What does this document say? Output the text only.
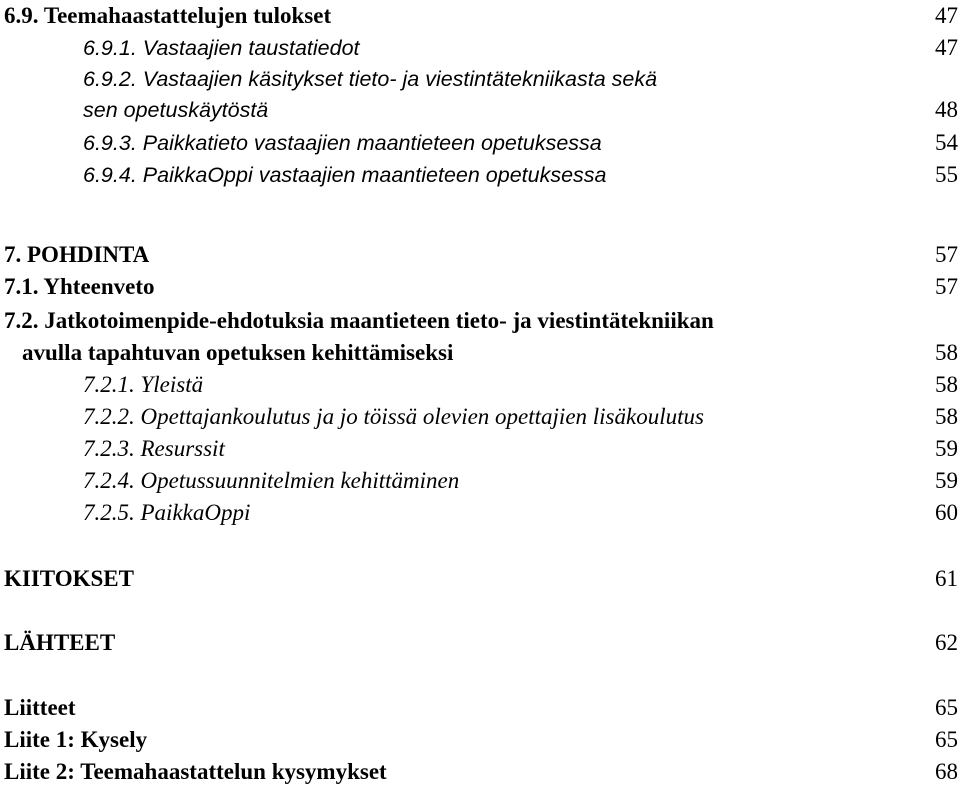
6.9. Teemahaastattelujen tulokset	47
6.9.1. Vastaajien taustatiedot	47
6.9.2. Vastaajien käsitykset tieto- ja viestintätekniikasta sekä
sen opetuskäytöstä	48
6.9.3. Paikkatieto vastaajien maantieteen opetuksessa	54
6.9.4. PaikkaOppi vastaajien maantieteen opetuksessa	55
7. POHDINTA	57
7.1. Yhteenveto	57
7.2. Jatkotoimenpide-ehdotuksia maantieteen tieto- ja viestintätekniikan
avulla tapahtuvan opetuksen kehittämiseksi	58
7.2.1. Yleistä	58
7.2.2. Opettajankoulutus ja jo töissä olevien opettajien lisäkoulutus	58
7.2.3. Resurssit	59
7.2.4. Opetussuunnitelmien kehittäminen	59
7.2.5. PaikkaOppi	60
KIITOKSET	61
LÄHTEET	62
Liitteet	65
Liite 1: Kysely	65
Liite 2: Teemahaastattelun kysymykset	68
